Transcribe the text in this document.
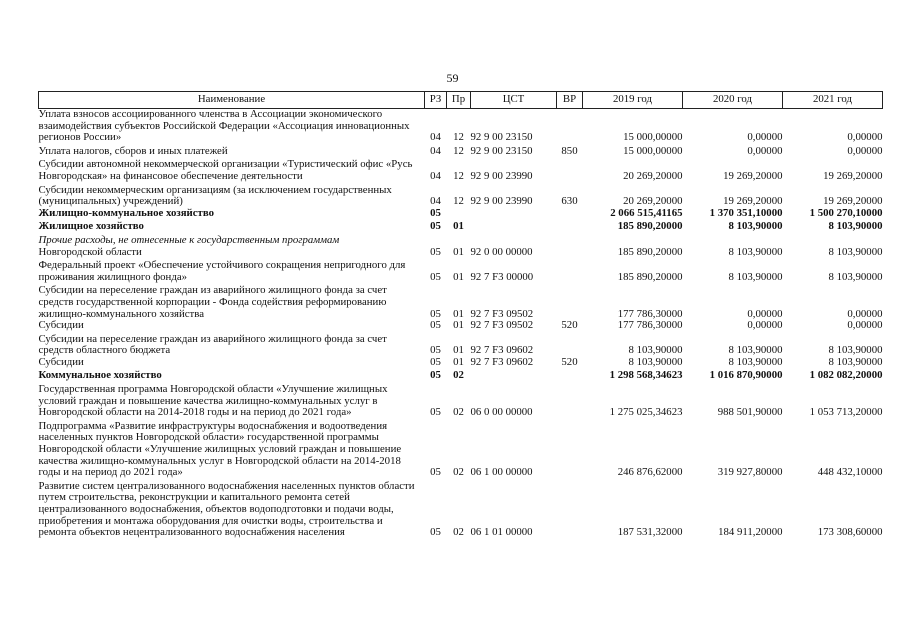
59
Наименование	РЗ	Пр	ЦСТ	ВР	2019 год	2020 год	2021 год
Уплата взносов ассоциированного членства в Ассоциации экономического взаимодействия субъектов Российской Федерации «Ассоциация инновационных регионов России»	04	12	92 9 00 23150		15 000,00000	0,00000	0,00000
Уплата налогов, сборов и иных платежей	04	12	92 9 00 23150	850	15 000,00000	0,00000	0,00000
Субсидии автономной некоммерческой организации «Туристический офис «Русь Новгородская» на финансовое обеспечение деятельности	04	12	92 9 00 23990		20 269,20000	19 269,20000	19 269,20000
Субсидии некоммерческим организациям (за исключением государственных (муниципальных) учреждений)	04	12	92 9 00 23990	630	20 269,20000	19 269,20000	19 269,20000
Жилищно-коммунальное хозяйство	05				2 066 515,41165	1 370 351,10000	1 500 270,10000
Жилищное хозяйство	05	01			185 890,20000	8 103,90000	8 103,90000
Прочие расходы, не отнесенные к государственным программам
Новгородской области	05	01	92 0 00 00000		185 890,20000	8 103,90000	8 103,90000
Федеральный проект «Обеспечение устойчивого сокращения непригодного для проживания жилищного фонда»	05	01	92 7 F3 00000		185 890,20000	8 103,90000	8 103,90000
Субсидии на переселение граждан из аварийного жилищного фонда за счет средств государственной корпорации - Фонда содействия реформированию жилищно-коммунального хозяйства	05	01	92 7 F3 09502		177 786,30000	0,00000	0,00000
Субсидии	05	01	92 7 F3 09502	520	177 786,30000	0,00000	0,00000
Субсидии на переселение граждан из аварийного жилищного фонда за счет средств областного бюджета	05	01	92 7 F3 09602		8 103,90000	8 103,90000	8 103,90000
Субсидии	05	01	92 7 F3 09602	520	8 103,90000	8 103,90000	8 103,90000
Коммунальное хозяйство	05	02			1 298 568,34623	1 016 870,90000	1 082 082,20000
Государственная программа Новгородской области «Улучшение жилищных условий граждан и повышение качества жилищно-коммунальных услуг в Новгородской области на 2014-2018 годы и на период до 2021 года»	05	02	06 0 00 00000		1 275 025,34623	988 501,90000	1 053 713,20000
Подпрограмма «Развитие инфраструктуры водоснабжения и водоотведения населенных пунктов Новгородской области» государственной программы Новгородской области «Улучшение жилищных условий граждан и повышение качества жилищно-коммунальных услуг в Новгородской области на 2014-2018 годы и на период до 2021 года»	05	02	06 1 00 00000		246 876,62000	319 927,80000	448 432,10000
Развитие систем централизованного водоснабжения населенных пунктов области путем строительства, реконструкции и капитального ремонта сетей централизованного водоснабжения, объектов водоподготовки и подачи воды, приобретения и монтажа оборудования для очистки воды, строительства и ремонта объектов нецентрализованного водоснабжения населения	05	02	06 1 01 00000		187 531,32000	184 911,20000	173 308,60000
